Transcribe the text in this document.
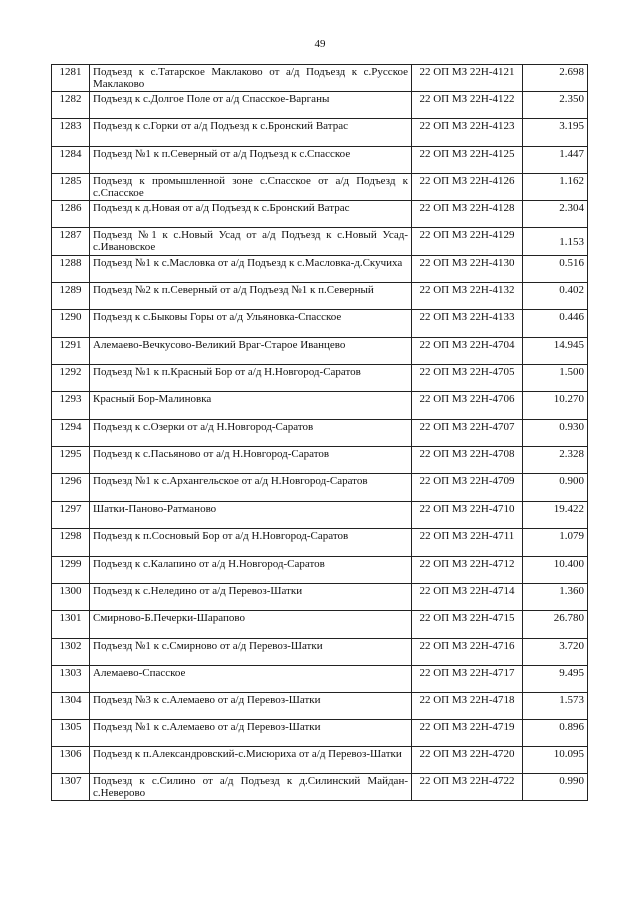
49
1281	Подъезд к с.Татарское Маклаково от а/д Подъезд к с.Русское Маклаково	22 ОП МЗ 22Н-4121	2.698
1282	Подъезд к с.Долгое Поле от а/д Спасское-Варганы	22 ОП МЗ 22Н-4122	2.350
1283	Подъезд к с.Горки от а/д Подъезд к с.Бронский Ватрас	22 ОП МЗ 22Н-4123	3.195
1284	Подъезд №1 к п.Северный от а/д Подъезд к с.Спасское	22 ОП МЗ 22Н-4125	1.447
1285	Подъезд к промышленной зоне с.Спасское от а/д Подъезд к с.Спасское	22 ОП МЗ 22Н-4126	1.162
1286	Подъезд к д.Новая от а/д Подъезд к с.Бронский Ватрас	22 ОП МЗ 22Н-4128	2.304
1287	Подъезд №1 к с.Новый Усад от а/д Подъезд к с.Новый Усад-с.Ивановское	22 ОП МЗ 22Н-4129	1.153
1288	Подъезд №1 к с.Масловка от а/д Подъезд к с.Масловка-д.Скучиха	22 ОП МЗ 22Н-4130	0.516
1289	Подъезд №2 к п.Северный от а/д Подъезд №1 к п.Северный	22 ОП МЗ 22Н-4132	0.402
1290	Подъезд к с.Быковы Горы от а/д Ульяновка-Спасское	22 ОП МЗ 22Н-4133	0.446
1291	Алемаево-Вечкусово-Великий Враг-Старое Иванцево	22 ОП МЗ 22Н-4704	14.945
1292	Подъезд №1 к п.Красный Бор от а/д Н.Новгород-Саратов	22 ОП МЗ 22Н-4705	1.500
1293	Красный Бор-Малиновка	22 ОП МЗ 22Н-4706	10.270
1294	Подъезд к с.Озерки от а/д Н.Новгород-Саратов	22 ОП МЗ 22Н-4707	0.930
1295	Подъезд к с.Пасьяново от а/д Н.Новгород-Саратов	22 ОП МЗ 22Н-4708	2.328
1296	Подъезд №1 к с.Архангельское от а/д Н.Новгород-Саратов	22 ОП МЗ 22Н-4709	0.900
1297	Шатки-Паново-Ратманово	22 ОП МЗ 22Н-4710	19.422
1298	Подъезд к п.Сосновый Бор от а/д Н.Новгород-Саратов	22 ОП МЗ 22Н-4711	1.079
1299	Подъезд к с.Калапино от а/д Н.Новгород-Саратов	22 ОП МЗ 22Н-4712	10.400
1300	Подъезд к с.Неледино от а/д Перевоз-Шатки	22 ОП МЗ 22Н-4714	1.360
1301	Смирново-Б.Печерки-Шарапово	22 ОП МЗ 22Н-4715	26.780
1302	Подъезд №1 к с.Смирново от а/д Перевоз-Шатки	22 ОП МЗ 22Н-4716	3.720
1303	Алемаево-Спасское	22 ОП МЗ 22Н-4717	9.495
1304	Подъезд №3 к с.Алемаево от а/д Перевоз-Шатки	22 ОП МЗ 22Н-4718	1.573
1305	Подъезд №1 к с.Алемаево от а/д Перевоз-Шатки	22 ОП МЗ 22Н-4719	0.896
1306	Подъезд к п.Александровский-с.Мисюриха от а/д Перевоз-Шатки	22 ОП МЗ 22Н-4720	10.095
1307	Подъезд к с.Силино от а/д Подъезд к д.Силинский Майдан-с.Неверово	22 ОП МЗ 22Н-4722	0.990
